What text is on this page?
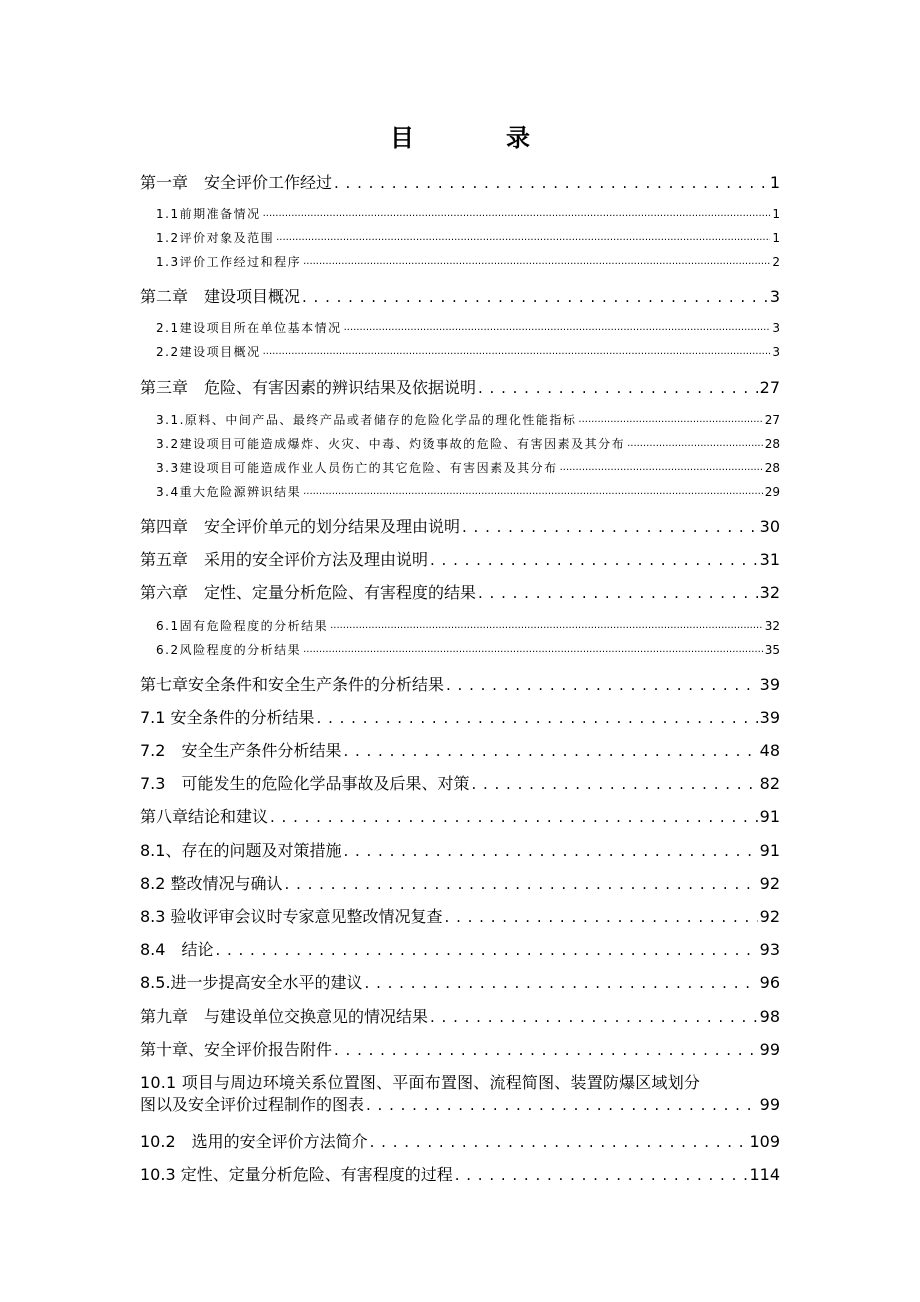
目　录
第一章　安全评价工作经过 . . .	1
1.1前期准备情况 .....	1
1.2评价对象及范围 .....	1
1.3评价工作经过和程序 .....	2
第二章　建设项目概况 . . .	3
2.1建设项目所在单位基本情况 .....	3
2.2建设项目概况 .....	3
第三章　危险、有害因素的辨识结果及依据说明 . . .	27
3.1.原料、中间产品、最终产品或者储存的危险化学品的理化性能指标 .....	27
3.2建设项目可能造成爆炸、火灾、中毒、灼烫事故的危险、有害因素及其分布 .....	28
3.3建设项目可能造成作业人员伤亡的其它危险、有害因素及其分布 .....	28
3.4重大危险源辨识结果 .....	29
第四章　安全评价单元的划分结果及理由说明 . . .	30
第五章　采用的安全评价方法及理由说明 . . .	31
第六章　定性、定量分析危险、有害程度的结果 . . .	32
6.1固有危险程度的分析结果 .....	32
6.2风险程度的分析结果 .....	35
第七章安全条件和安全生产条件的分析结果 . . .	39
7.1 安全条件的分析结果 . . .	39
7.2　安全生产条件分析结果 . . .	48
7.3　可能发生的危险化学品事故及后果、对策 . . .	82
第八章结论和建议 . . .	91
8.1、存在的问题及对策措施 . . .	91
8.2 整改情况与确认 . . .	92
8.3 验收评审会议时专家意见整改情况复查 . . .	92
8.4　结论 . . .	93
8.5.进一步提高安全水平的建议 . . .	96
第九章　与建设单位交换意见的情况结果 . . .	98
第十章、安全评价报告附件 . . .	99
10.1 项目与周边环境关系位置图、平面布置图、流程简图、装置防爆区域划分
图以及安全评价过程制作的图表 . . .	99
10.2　选用的安全评价方法简介 . . .	109
10.3 定性、定量分析危险、有害程度的过程 . . .	114
